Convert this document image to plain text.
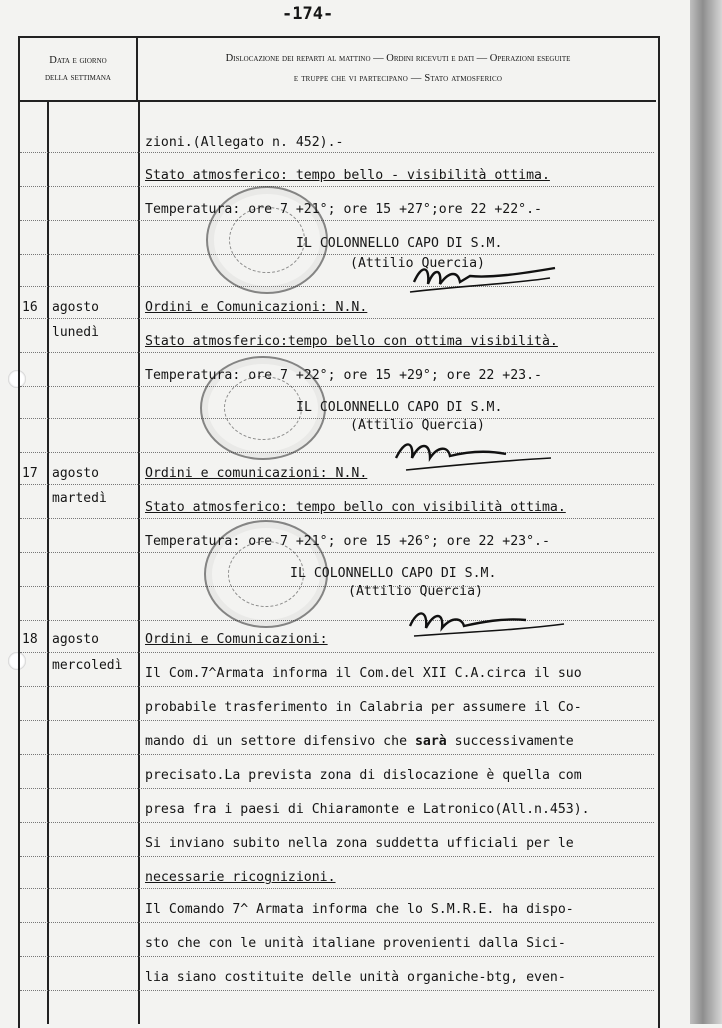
-174-
Data e giorno
della settimana
Dislocazione dei reparti al mattino — Ordini ricevuti e dati — Operazioni eseguite
e truppe che vi partecipano — Stato atmosferico
16 agosto
lunedì
17 agosto
martedì
18 agosto
mercoledì
zioni.(Allegato n. 452).-
Stato atmosferico: tempo bello - visibilità ottima.
Temperatura: ore 7 +21°; ore 15 +27°;ore 22 +22°.-
IL COLONNELLO CAPO DI S.M.
(Attilio Quercia)
Ordini e Comunicazioni: N.N.
Stato atmosferico:tempo bello con ottima visibilità.
Temperatura: ore 7 +22°; ore 15 +29°; ore 22 +23.-
IL COLONNELLO CAPO DI S.M.
(Attilio Quercia)
Ordini e comunicazioni: N.N.
Stato atmosferico: tempo bello con visibilità ottima.
Temperatura: ore 7 +21°; ore 15 +26°; ore 22 +23°.-
IL COLONNELLO CAPO DI S.M.
(Attilio Quercia)
Ordini e Comunicazioni:
Il Com.7^Armata informa il Com.del XII C.A.circa il suo
probabile trasferimento in Calabria per assumere il Co-
mando di un settore difensivo che sarà successivamente
precisato.La prevista zona di dislocazione è quella com
presa fra i paesi di Chiaramonte e Latronico(All.n.453).
Si inviano subito nella zona suddetta ufficiali per le
necessarie ricognizioni.
Il Comando 7^ Armata informa che lo S.M.R.E. ha dispo-
sto che con le unità italiane provenienti dalla Sici-
lia siano costituite delle unità organiche-btg, even-
